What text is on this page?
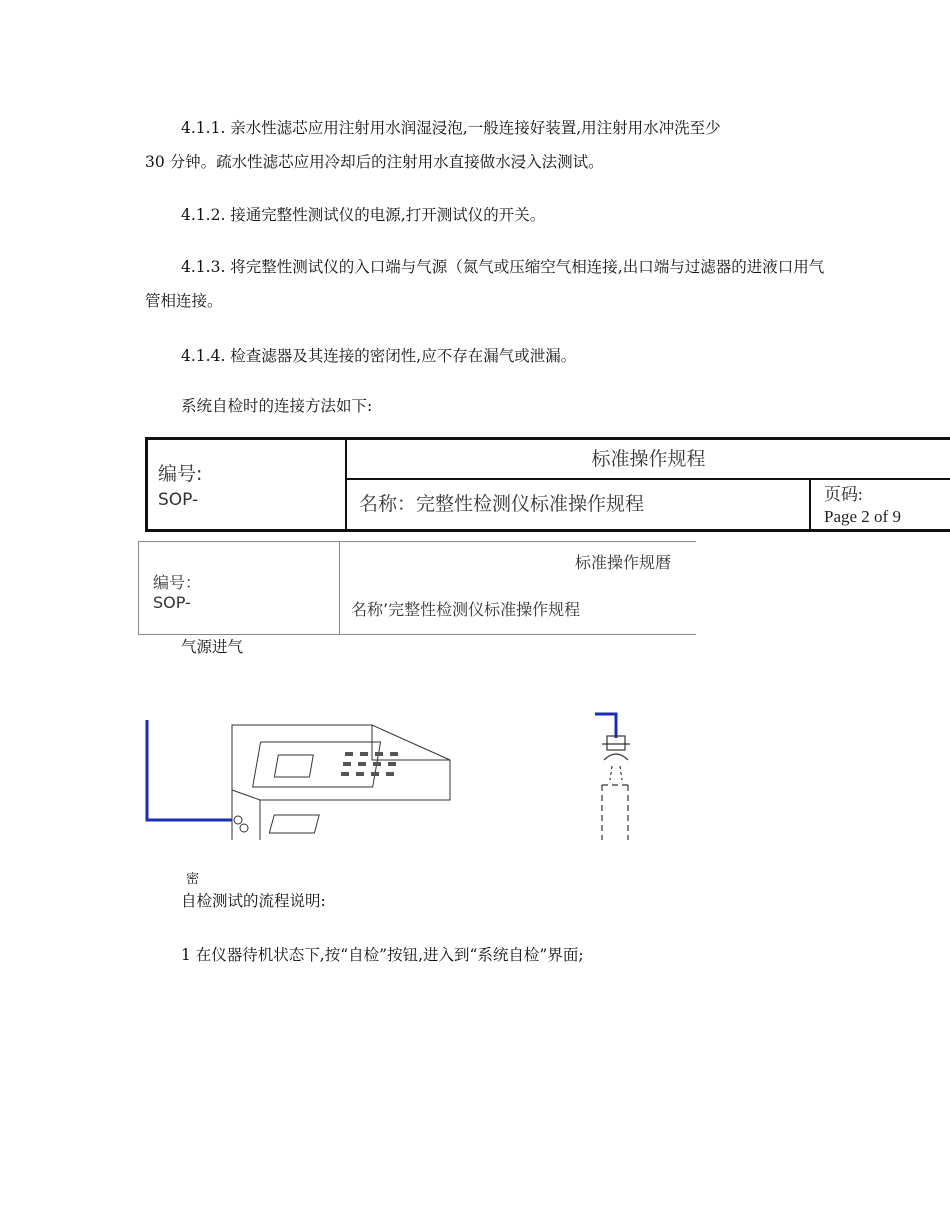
4.1.1. 亲水性滤芯应用注射用水润湿浸泡,一般连接好装置,用注射用水冲洗至少
30 分钟。疏水性滤芯应用冷却后的注射用水直接做水浸入法测试。
4.1.2. 接通完整性测试仪的电源,打开测试仪的开关。
4.1.3. 将完整性测试仪的入口端与气源（氮气或压缩空气相连接,出口端与过滤器的进液口用气
管相连接。
4.1.4. 检查滤器及其连接的密闭性,应不存在漏气或泄漏。
系统自检时的连接方法如下:
编号:
SOP-
标准操作规程
名称：完整性检测仪标准操作规程	页码:
Page 2 of 9
编号：
SOP-
标准操作规暦
名称’完整性检测仪标准操作规程
气源进气
密
自检测试的流程说明:
1 在仪器待机状态下,按“自检”按钮,进入到“系统自检”界面;
